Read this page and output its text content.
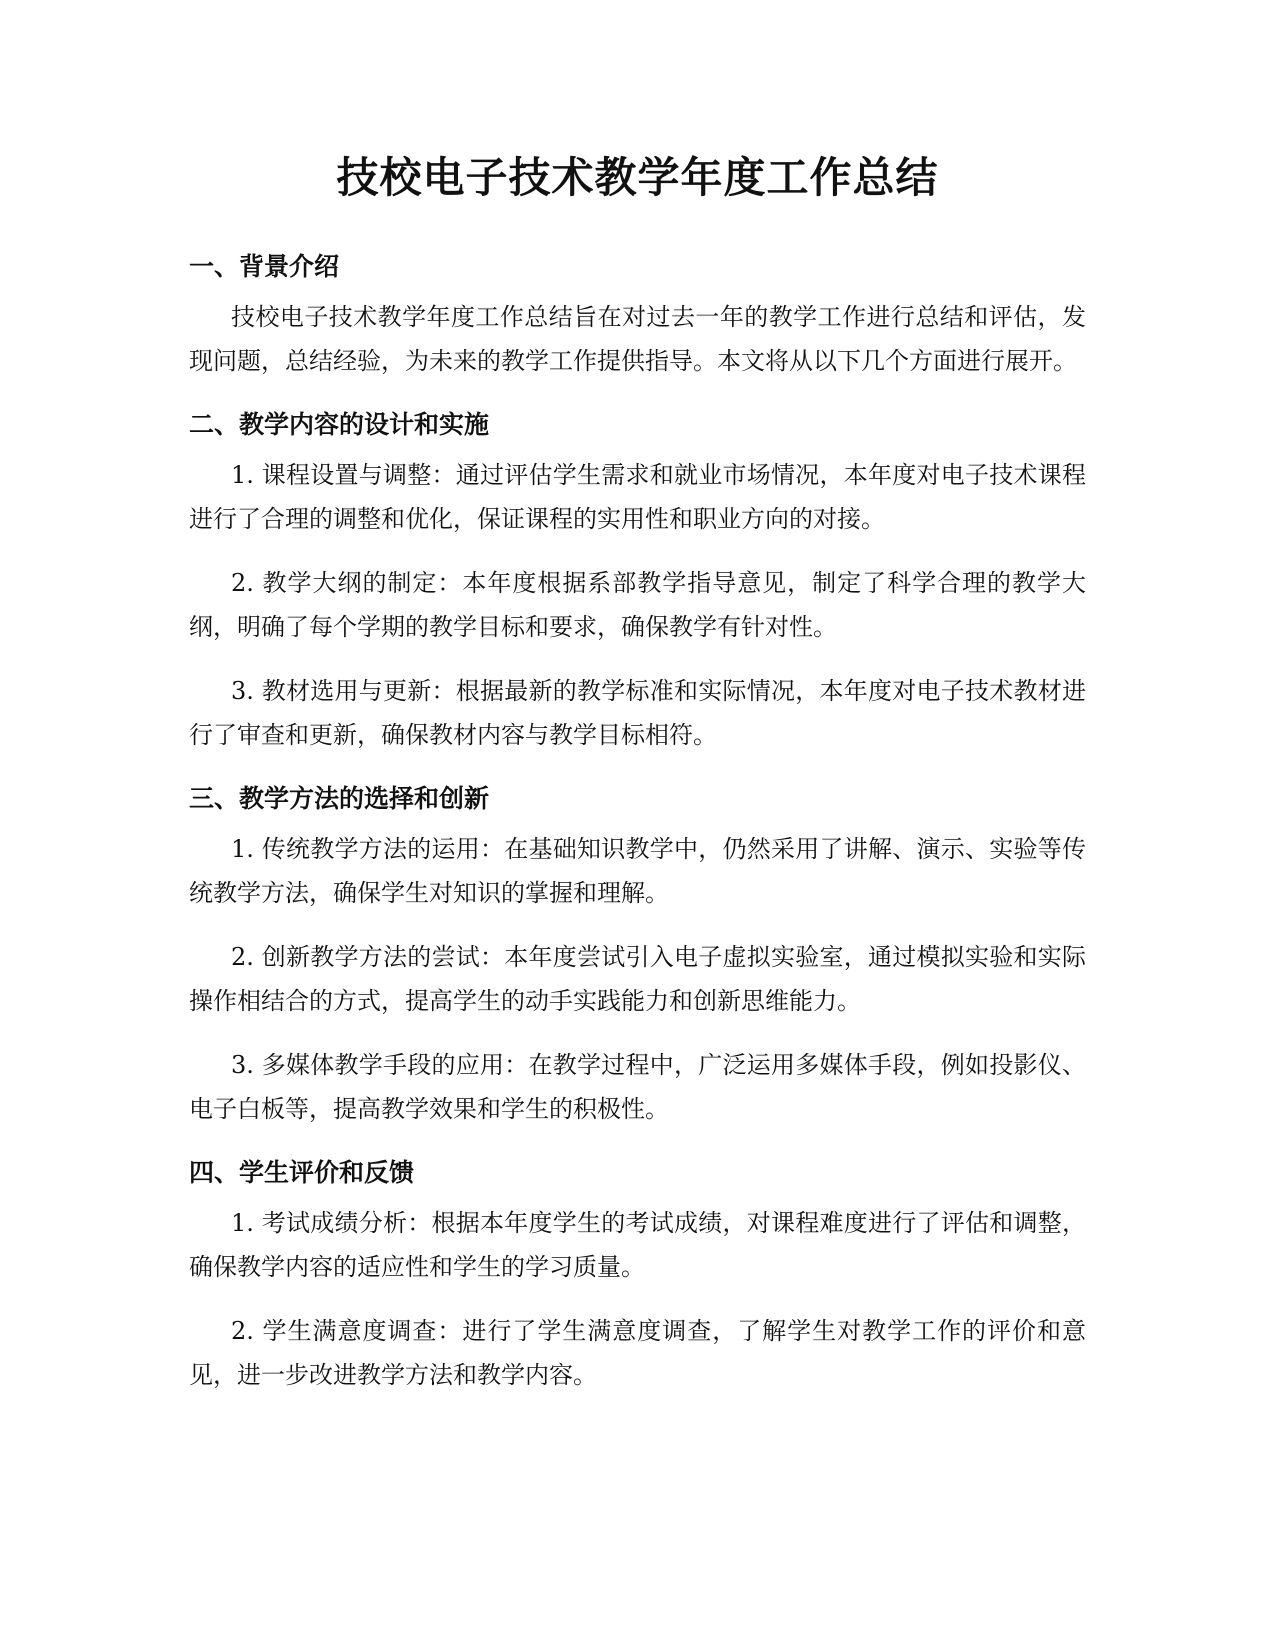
技校电子技术教学年度工作总结
一、背景介绍

技校电子技术教学年度工作总结旨在对过去一年的教学工作进行总结和评估，发现问题，总结经验，为未来的教学工作提供指导。本文将从以下几个方面进行展开。

二、教学内容的设计和实施

1. 课程设置与调整：通过评估学生需求和就业市场情况，本年度对电子技术课程进行了合理的调整和优化，保证课程的实用性和职业方向的对接。

2. 教学大纲的制定：本年度根据系部教学指导意见，制定了科学合理的教学大纲，明确了每个学期的教学目标和要求，确保教学有针对性。

3. 教材选用与更新：根据最新的教学标准和实际情况，本年度对电子技术教材进行了审查和更新，确保教材内容与教学目标相符。

三、教学方法的选择和创新

1. 传统教学方法的运用：在基础知识教学中，仍然采用了讲解、演示、实验等传统教学方法，确保学生对知识的掌握和理解。

2. 创新教学方法的尝试：本年度尝试引入电子虚拟实验室，通过模拟实验和实际操作相结合的方式，提高学生的动手实践能力和创新思维能力。

3. 多媒体教学手段的应用：在教学过程中，广泛运用多媒体手段，例如投影仪、电子白板等，提高教学效果和学生的积极性。

四、学生评价和反馈

1. 考试成绩分析：根据本年度学生的考试成绩，对课程难度进行了评估和调整，确保教学内容的适应性和学生的学习质量。

2. 学生满意度调查：进行了学生满意度调查，了解学生对教学工作的评价和意见，进一步改进教学方法和教学内容。
